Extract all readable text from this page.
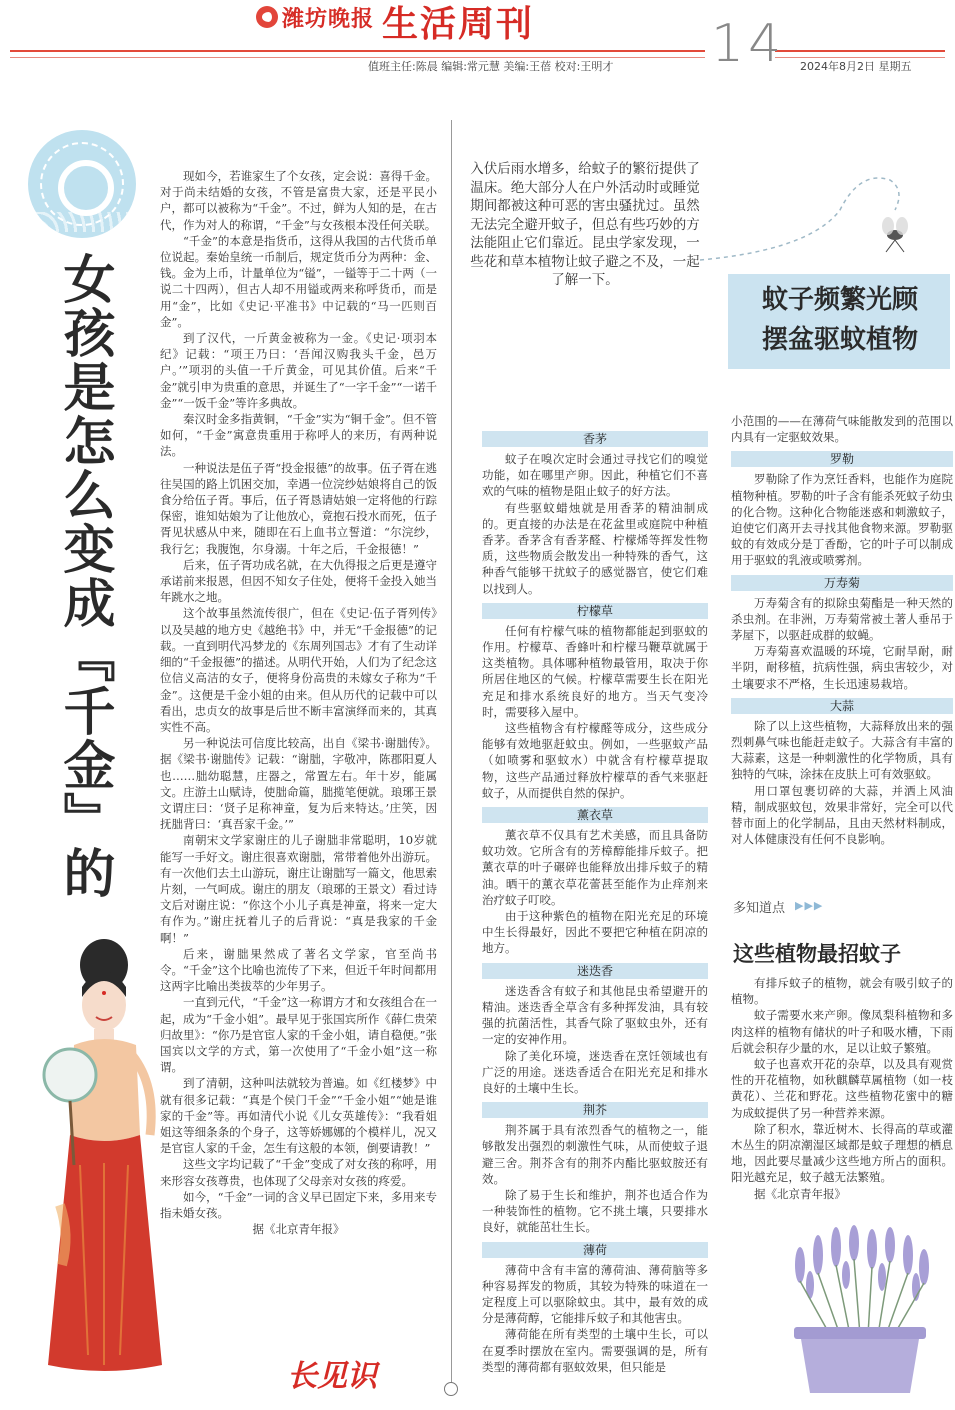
潍坊晚报 生活周刊
值班主任:陈晨 编辑:常元慧 美编:王蓓 校对:王明才 14 2024年8月2日 星期五
女孩是怎么变成『千金』的

现如今，若谁家生了个女孩，定会说：喜得千金。对于尚未结婚的女孩，不管是富贵大家，还是平民小户，都可以被称为“千金”。不过，鲜为人知的是，在古代，作为对人的称谓，“千金”与女孩根本没任何关联。

“千金”的本意是指货币，这得从我国的古代货币单位说起。秦始皇统一币制后，规定货币分为两种：金、钱。金为上币，计量单位为“镒”，一镒等于二十两（一说二十四两），但古人却不用镒或两来称呼货币，而是用“金”，比如《史记·平准书》中记载的“马一匹则百金”。

到了汉代，一斤黄金被称为一金。《史记·项羽本纪》记载：“项王乃曰：‘吾闻汉购我头千金，邑万户。’”项羽的头值一千斤黄金，可见其价值。后来“千金”就引申为贵重的意思，并诞生了“一字千金”“一诺千金”“一饭千金”等许多典故。

秦汉时金多指黄铜，“千金”实为“铜千金”。但不管如何，“千金”寓意贵重用于称呼人的来历，有两种说法。

一种说法是伍子胥“投金报德”的故事。伍子胥在逃往吴国的路上饥困交加，幸遇一位浣纱姑娘将自己的饭食分给伍子胥。事后，伍子胥恳请姑娘一定将他的行踪保密，谁知姑娘为了让他放心，竟抱石投水而死，伍子胥见状感从中来，随即在石上血书立誓道：“尔浣纱，我行乞；我腹饱，尔身溺。十年之后，千金报德！”

后来，伍子胥功成名就，在大仇得报之后更是遵守承诺前来报恩，但因不知女子住处，便将千金投入她当年跳水之地。

这个故事虽然流传很广，但在《史记·伍子胥列传》以及吴越的地方史《越绝书》中，并无“千金报德”的记载。一直到明代冯梦龙的《东周列国志》才有了生动详细的“千金报德”的描述。从明代开始，人们为了纪念这位信义高洁的女子，便将身份高贵的未嫁女子称为“千金”。这便是千金小姐的由来。但从历代的记载中可以看出，忠贞女的故事是后世不断丰富演绎而来的，其真实性不高。

另一种说法可信度比较高，出自《梁书·谢朏传》。据《梁书·谢朏传》记载：“谢朏，字敬冲，陈郡阳夏人也……朏幼聪慧，庄器之，常置左右。年十岁，能属文。庄游土山赋诗，使朏命篇，朏揽笔便就。琅琊王景文谓庄曰：‘贤子足称神童，复为后来特达。’庄笑，因抚朏背曰：‘真吾家千金。’”

南朝宋文学家谢庄的儿子谢朏非常聪明，10岁就能写一手好文。谢庄很喜欢谢朏，常带着他外出游玩。有一次他们去土山游玩，谢庄让谢朏写一篇文，他思索片刻，一气呵成。谢庄的朋友（琅琊的王景文）看过诗文后对谢庄说：“你这个小儿子真是神童，将来一定大有作为。”谢庄抚着儿子的后背说：“真是我家的千金啊！”

后来，谢朏果然成了著名文学家，官至尚书令。“千金”这个比喻也流传了下来，但近千年时间都用这两字比喻出类拔萃的少年男子。

一直到元代，“千金”这一称谓方才和女孩组合在一起，成为“千金小姐”。最早见于张国宾所作《薛仁贵荣归故里》：“你乃是官宦人家的千金小姐，请自稳便。”张国宾以文学的方式，第一次使用了“千金小姐”这一称谓。

到了清朝，这种叫法就较为普遍。如《红楼梦》中就有很多记载：“真是个侯门千金”“千金小姐”“她是谁家的千金”等。再如清代小说《儿女英雄传》：“我看姐姐这等细条条的个身子，这等娇娜娜的个模样儿，况又是官宦人家的千金，怎生有这般的本领，倒要请教！”

这些文字均记载了“千金”变成了对女孩的称呼，用来形容女孩尊贵，也体现了父母亲对女孩的疼爱。

如今，“千金”一词的含义早已固定下来，多用来专指未婚女孩。

据《北京青年报》

长见识
入伏后雨水增多，给蚊子的繁衍提供了温床。绝大部分人在户外活动时或睡觉期间都被这种可恶的害虫骚扰过。虽然无法完全避开蚊子，但总有些巧妙的方法能阻止它们靠近。昆虫学家发现，一些花和草本植物让蚊子避之不及，一起了解一下。
蚊子频繁光顾
摆盆驱蚊植物
香茅

蚊子在嗅次定时会通过寻找它们的嗅觉功能，如在哪里产卵。因此，种植它们不喜欢的气味的植物是阻止蚊子的好方法。

有些驱蚊蜡烛就是用香茅的精油制成的。更直接的办法是在花盆里或庭院中种植香茅。香茅含有香茅醛、柠檬烯等挥发性物质，这些物质会散发出一种特殊的香气，这种香气能够干扰蚊子的感觉器官，使它们难以找到人。

柠檬草

任何有柠檬气味的植物都能起到驱蚊的作用。柠檬草、香蜂叶和柠檬马鞭草就属于这类植物。具体哪种植物最管用，取决于你所居住地区的气候。柠檬草需要生长在阳光充足和排水系统良好的地方。当天气变冷时，需要移入屋中。

这些植物含有柠檬醛等成分，这些成分能够有效地驱赶蚊虫。例如，一些驱蚊产品（如喷雾和驱蚊水）中就含有柠檬草提取物，这些产品通过释放柠檬草的香气来驱赶蚊子，从而提供自然的保护。

薰衣草

薰衣草不仅具有艺术美感，而且具备防蚊功效。它所含有的芳樟醇能排斥蚊子。把薰衣草的叶子碾碎也能释放出排斥蚊子的精油。晒干的薰衣草花蕾甚至能作为止痒剂来治疗蚊子叮咬。

由于这种紫色的植物在阳光充足的环境中生长得最好，因此不要把它种植在阴凉的地方。

迷迭香

迷迭香含有蚊子和其他昆虫希望避开的精油。迷迭香全草含有多种挥发油，具有较强的抗菌活性，其香气除了驱蚊虫外，还有一定的安神作用。

除了美化环境，迷迭香在烹饪领域也有广泛的用途。迷迭香适合在阳光充足和排水良好的土壤中生长。

荆芥

荆芥属于具有浓烈香气的植物之一，能够散发出强烈的刺激性气味，从而使蚊子退避三舍。荆芥含有的荆芥内酯比驱蚊胺还有效。

除了易于生长和维护，荆芥也适合作为一种装饰性的植物。它不挑土壤，只要排水良好，就能茁壮生长。

薄荷

薄荷中含有丰富的薄荷油、薄荷脑等多种容易挥发的物质，其较为特殊的味道在一定程度上可以驱除蚊虫。其中，最有效的成分是薄荷醇，它能排斥蚊子和其他害虫。

薄荷能在所有类型的土壤中生长，可以在夏季时摆放在室内。需要强调的是，所有类型的薄荷都有驱蚊效果，但只能是

小范围的——在薄荷气味能散发到的范围以内具有一定驱蚊效果。
罗勒

罗勒除了作为烹饪香料，也能作为庭院植物种植。罗勒的叶子含有能杀死蚊子幼虫的化合物。这种化合物能迷惑和刺激蚊子，迫使它们离开去寻找其他食物来源。罗勒驱蚊的有效成分是丁香酚，它的叶子可以制成用于驱蚊的乳液或喷雾剂。

万寿菊

万寿菊含有的拟除虫菊酯是一种天然的杀虫剂。在非洲，万寿菊常被土著人垂吊于茅屋下，以驱赶成群的蚊蝇。

万寿菊喜欢温暖的环境，它耐旱耐，耐半阴，耐移植，抗病性强，病虫害较少，对土壤要求不严格，生长迅速易栽培。

大蒜

除了以上这些植物，大蒜释放出来的强烈刺鼻气味也能赶走蚊子。大蒜含有丰富的大蒜素，这是一种刺激性的化学物质，具有独特的气味，涂抹在皮肤上可有效驱蚊。

用口罩包裹切碎的大蒜，并洒上风油精，制成驱蚊包，效果非常好，完全可以代替市面上的化学制品，且由天然材料制成，对人体健康没有任何不良影响。

多知道点 ▶▶▶
这些植物最招蚊子

有排斥蚊子的植物，就会有吸引蚊子的植物。

蚊子需要水来产卵。像凤梨科植物和多肉这样的植物有储状的叶子和吸水槽，下雨后就会积存少量的水，足以让蚊子繁殖。

蚊子也喜欢开花的杂草，以及具有观赏性的开花植物，如秋麒麟草属植物（如一枝黄花）、兰花和野花。这些植物花蜜中的糖为成蚊提供了另一种营养来源。

除了积水，靠近树木、长得高的草或灌木丛生的阴凉潮湿区域都是蚊子理想的栖息地，因此要尽量减少这些地方所占的面积。阳光越充足，蚊子越无法繁殖。

据《北京青年报》
